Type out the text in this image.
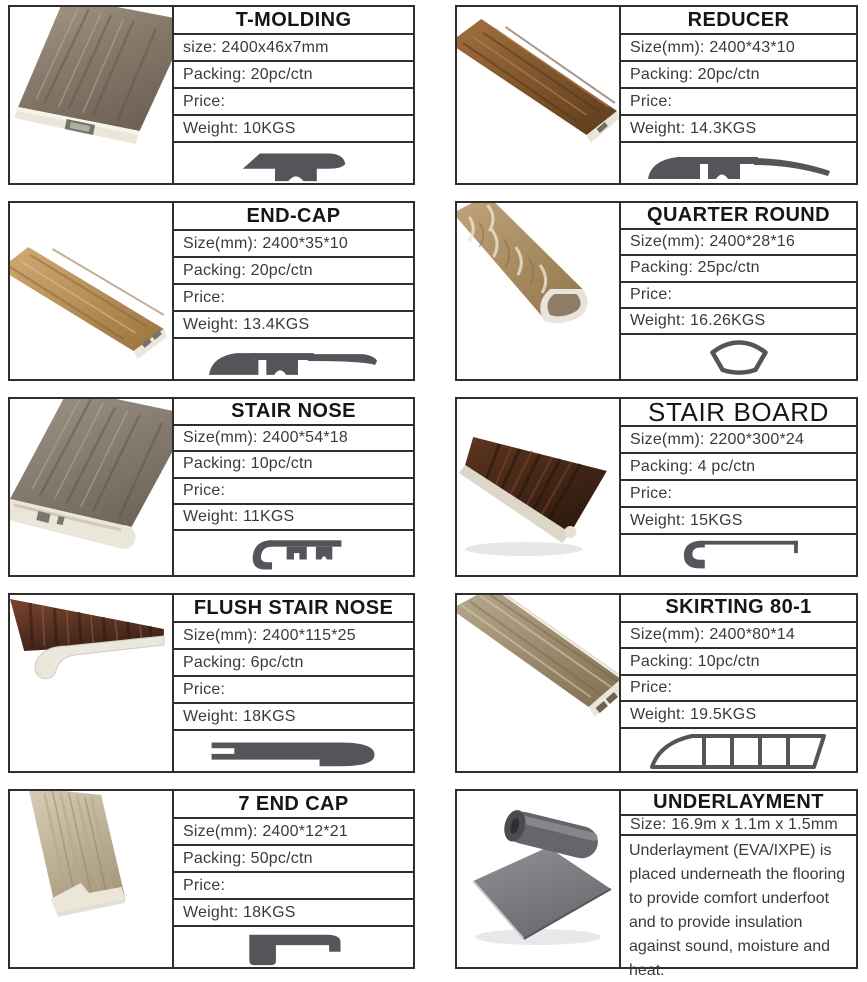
T-MOLDING
size: 2400x46x7mm
Packing: 20pc/ctn
Price:
Weight: 10KGS
REDUCER
Size(mm): 2400*43*10
Packing: 20pc/ctn
Price:
Weight: 14.3KGS
END-CAP
Size(mm): 2400*35*10
Packing: 20pc/ctn
Price:
Weight: 13.4KGS
QUARTER ROUND
Size(mm): 2400*28*16
Packing: 25pc/ctn
Price:
Weight: 16.26KGS
STAIR NOSE
Size(mm): 2400*54*18
Packing: 10pc/ctn
Price:
Weight: 11KGS
STAIR BOARD
Size(mm): 2200*300*24
Packing: 4 pc/ctn
Price:
Weight: 15KGS
FLUSH STAIR NOSE
Size(mm): 2400*115*25
Packing: 6pc/ctn
Price:
Weight: 18KGS
SKIRTING 80-1
Size(mm): 2400*80*14
Packing: 10pc/ctn
Price:
Weight: 19.5KGS
7 END CAP
Size(mm): 2400*12*21
Packing: 50pc/ctn
Price:
Weight: 18KGS
UNDERLAYMENT
Size: 16.9m x 1.1m x 1.5mm
Underlayment (EVA/IXPE) is placed underneath the flooring to provide comfort underfoot and to provide insulation against sound, moisture and heat.
